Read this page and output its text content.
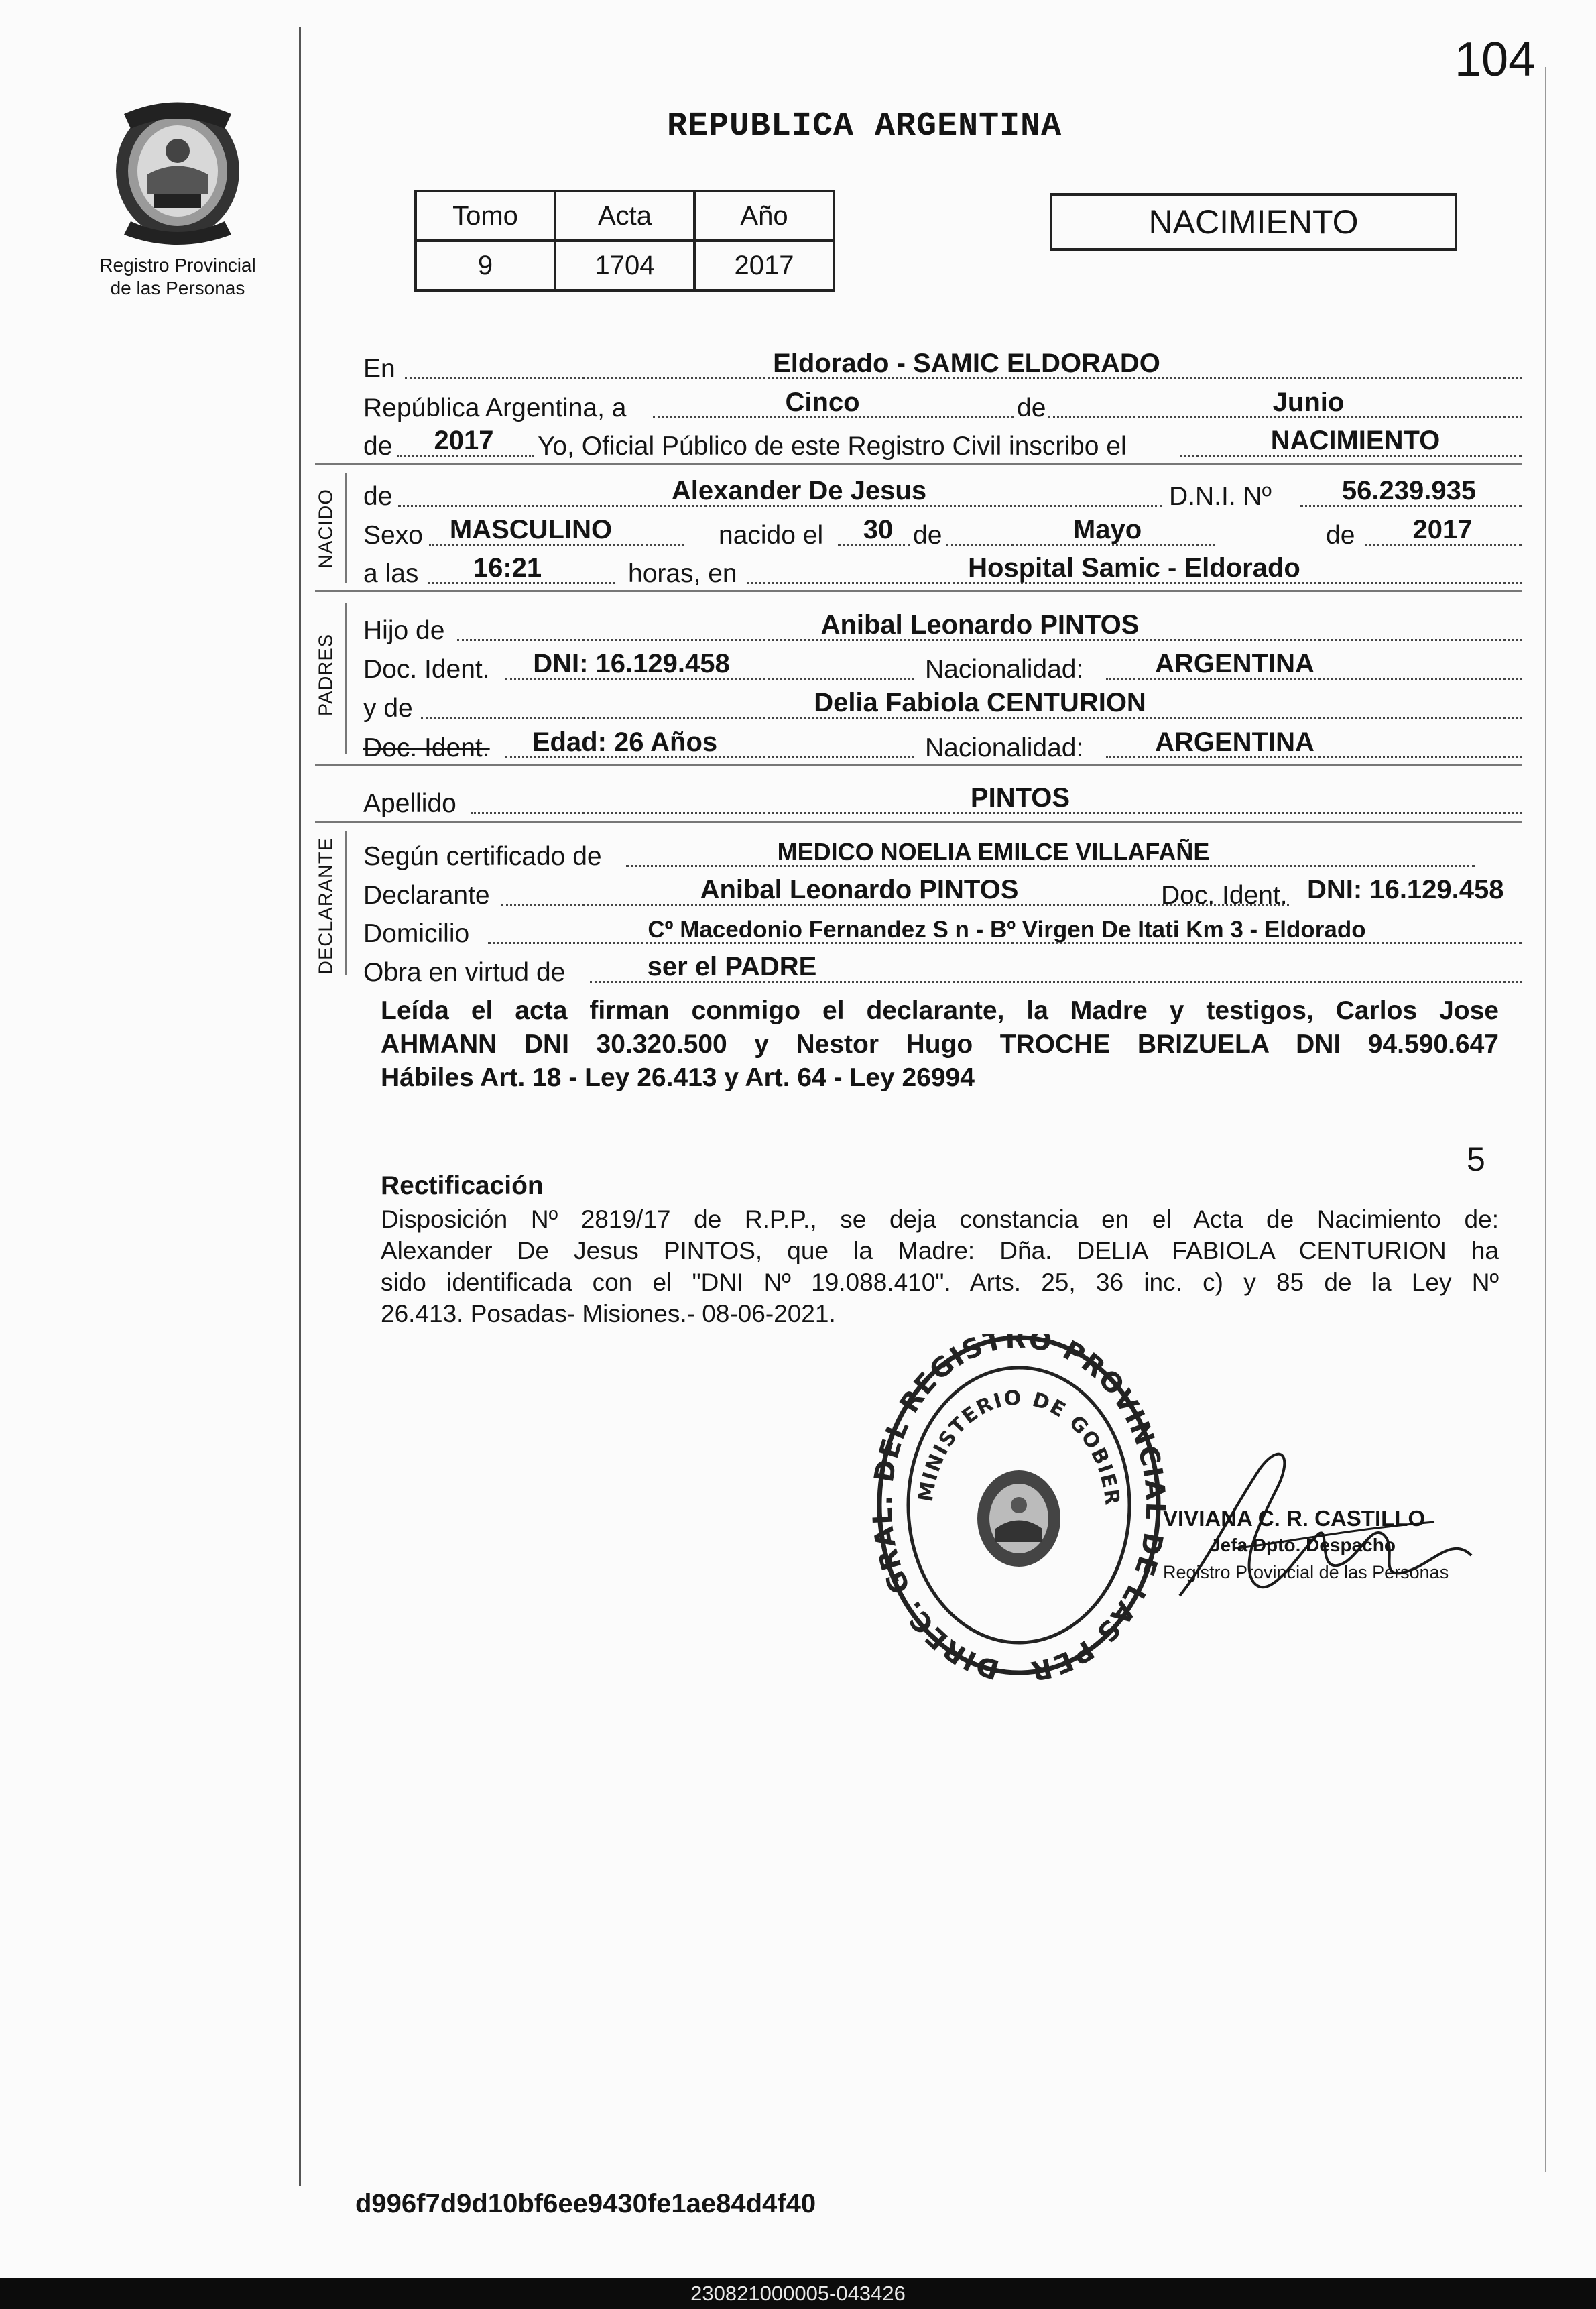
104
Registro Provincial
de las Personas
REPUBLICA ARGENTINA
Tomo	Acta	Año
9	1704	2017
NACIMIENTO
En	Eldorado - SAMIC ELDORADO
República Argentina, a	Cinco	de	Junio
de	2017	Yo, Oficial Público de este Registro Civil inscribo el	NACIMIENTO
NACIDO de	Alexander De Jesus	D.N.I. Nº	56.239.935
Sexo MASCULINO	nacido el	30 de	Mayo	de	2017
a las	16:21	horas, en	Hospital Samic - Eldorado
PADRES
Hijo de	Anibal Leonardo PINTOS
Doc. Ident.	DNI: 16.129.458	Nacionalidad:	ARGENTINA
y de	Delia Fabiola CENTURION
Doc. Ident.	Edad: 26 Años	Nacionalidad:	ARGENTINA
Apellido	PINTOS
DECLARANTE Según certificado de	MEDICO NOELIA EMILCE VILLAFAÑE
Declarante	Anibal Leonardo PINTOS	Doc. Ident. DNI: 16.129.458
Domicilio	Cº Macedonio Fernandez S n - Bº Virgen De Itati Km 3 - Eldorado
Obra en virtud de	ser el PADRE
Leída el acta firman conmigo el declarante, la Madre y testigos, Carlos Jose
AHMANN DNI 30.320.500 y Nestor Hugo TROCHE BRIZUELA DNI 94.590.647
Hábiles Art. 18 - Ley 26.413 y Art. 64 - Ley 26994
5
Rectificación
Disposición Nº 2819/17 de R.P.P., se deja constancia en el Acta de Nacimiento de:
Alexander De Jesus PINTOS, que la Madre: Dña. DELIA FABIOLA CENTURION ha
sido identificada con el "DNI Nº 19.088.410". Arts. 25, 36 inc. c) y 85 de la Ley Nº
26.413. Posadas- Misiones.- 08-06-2021.
DIREC. GRA DEL REGISTRO PROVINCI DE LAS PER
MINISTERIO DE GOBIER
VIVIANA C. R. CASTILLO
Jefa Dpto. Despacho
Registro Provincial de las Personas
d996f7d9d10bf6ee9430fe1ae84d4f40
230821000005-043426
